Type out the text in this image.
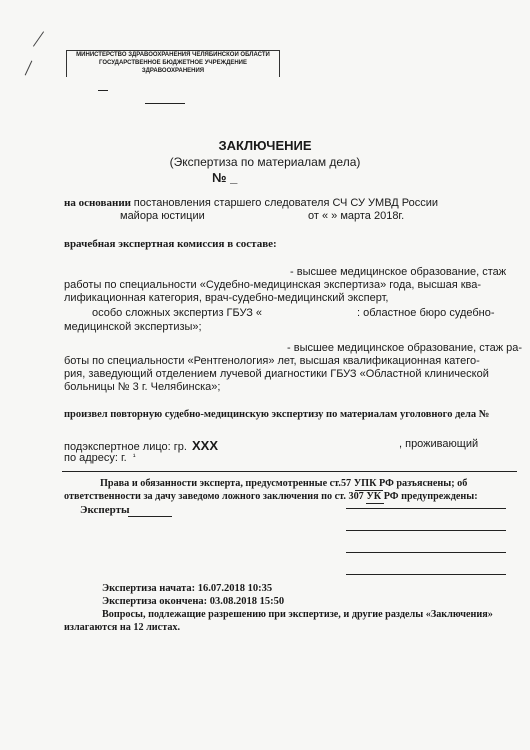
МИНИСТЕРСТВО ЗДРАВООХРАНЕНИЯ ЧЕЛЯБИНСКОЙ ОБЛАСТИ
ГОСУДАРСТВЕННОЕ БЮДЖЕТНОЕ УЧРЕЖДЕНИЕ
ЗДРАВООХРАНЕНИЯ
ЗАКЛЮЧЕНИЕ
(Экспертиза по материалам дела)
№ _
на основании постановления старшего следователя СЧ СУ УМВД России
майора юстиции	от « » марта 2018г.
врачебная экспертная комиссия в составе:
- высшее медицинское образование, стаж
работы по специальности «Судебно-медицинская экспертиза» года, высшая ква-
лификационная категория, врач-судебно-медицинский эксперт,
особо сложных экспертиз ГБУЗ «	: областное бюро судебно-
медицинской экспертизы»;
- высшее медицинское образование, стаж ра-
боты по специальности «Рентгенология» лет, высшая квалификационная катего-
рия, заведующий отделением лучевой диагностики ГБУЗ «Областной клинической
больницы № 3 г. Челябинска»;
произвел повторную судебно-медицинскую экспертизу по материалам уголовного дела №
подэкспертное лицо: гр. ХХХ	, проживающий
по адресу: г. $^{^1}$
Права и обязанности эксперта, предусмотренные ст.57 УПК РФ разъяснены; об
ответственности за дачу заведомо ложного заключения по ст. 307 УК РФ предупреждены:
Эксперты
Экспертиза начата: 16.07.2018 10:35
Экспертиза окончена: 03.08.2018 15:50
Вопросы, подлежащие разрешению при экспертизе, и другие разделы «Заключения»
излагаются на 12 листах.
